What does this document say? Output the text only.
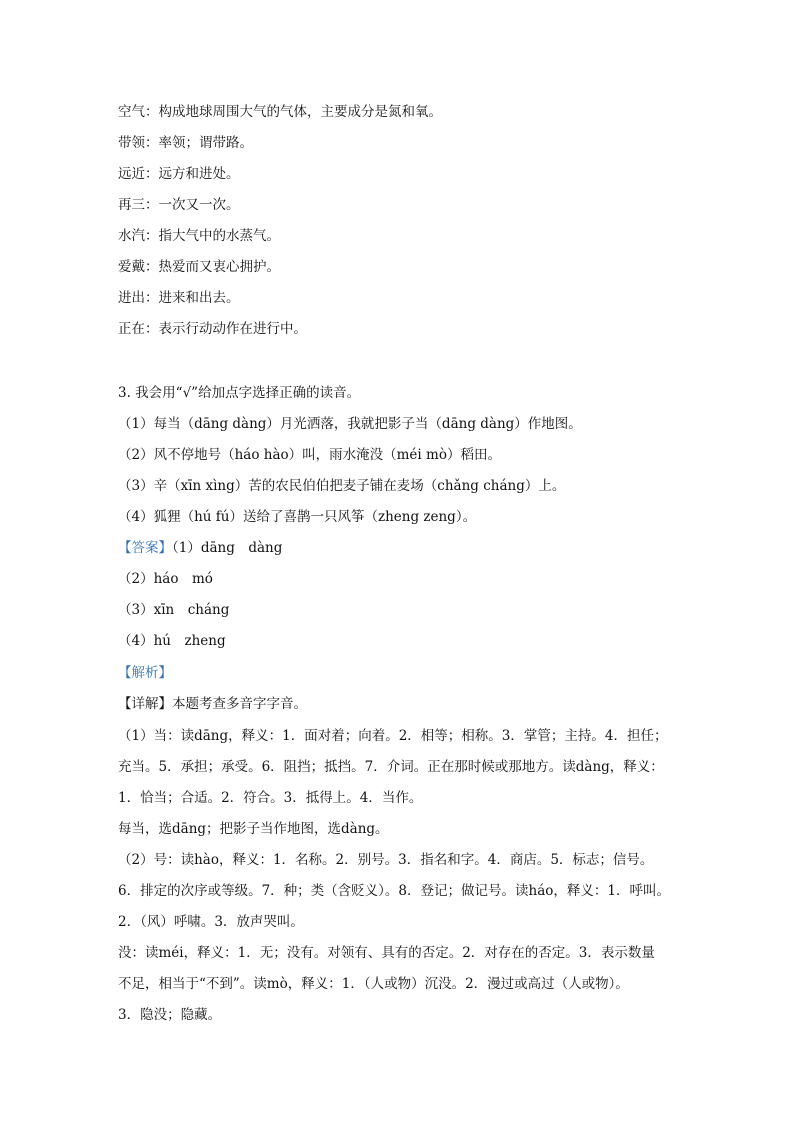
空气：构成地球周围大气的气体，主要成分是氮和氧。
带领：率领；谓带路。
远近：远方和进处。
再三：一次又一次。
水汽：指大气中的水蒸气。
爱戴：热爱而又衷心拥护。
进出：进来和出去。
正在：表示行动动作在进行中。
3. 我会用“√”给加点字选择正确的读音。
（1）每当（dāng dàng）月光洒落，我就把影子当（dāng dàng）作地图。
（2）风不停地号（háo hào）叫，雨水淹没（méi mò）稻田。
（3）辛（xīn xìng）苦的农民伯伯把麦子铺在麦场（chǎng cháng）上。
（4）狐狸（hú fú）送给了喜鹊一只风筝（zheng zeng）。
【答案】（1）dāng　dàng
（2）háo　mó
（3）xīn　cháng
（4）hú　zheng
【解析】
【详解】本题考查多音字字音。
（1）当：读dāng，释义：1．面对着；向着。2．相等；相称。3．掌管；主持。4．担任；
充当。5．承担；承受。6．阻挡；抵挡。7．介词。正在那时候或那地方。读dàng，释义：
1．恰当；合适。2．符合。3．抵得上。4．当作。
每当，选dāng；把影子当作地图，选dàng。
（2）号：读hào，释义：1．名称。2．别号。3．指名和字。4．商店。5．标志；信号。
6．排定的次序或等级。7．种；类（含贬义）。8．登记；做记号。读háo，释义：1．呼叫。
2．（风）呼啸。3．放声哭叫。
没：读méi，释义：1．无；没有。对领有、具有的否定。2．对存在的否定。3．表示数量
不足，相当于“不到”。读mò，释义：1．（人或物）沉没。2．漫过或高过（人或物）。
3．隐没；隐藏。
